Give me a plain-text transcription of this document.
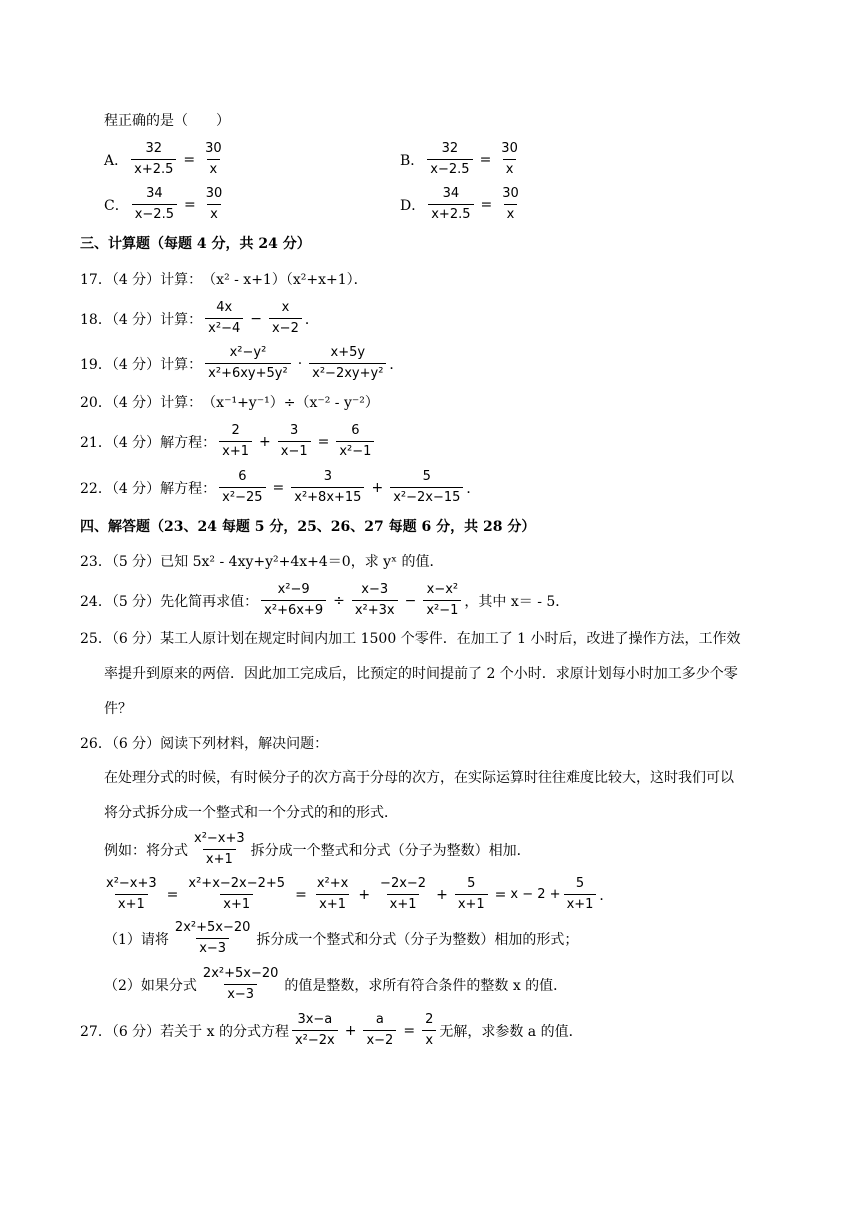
程正确的是（　　）
A． $\frac{32}{x+2.5} = \frac{30}{x}$	B． $\frac{32}{x-2.5} = \frac{30}{x}$
C． $\frac{34}{x-2.5} = \frac{30}{x}$	D． $\frac{34}{x+2.5} = \frac{30}{x}$
三、计算题（每题 4 分，共 24 分）
17．（4 分）计算： （x² - x+1）（x²+x+1）．
18．（4 分）计算： $\frac{4x}{\text{x²−4}} - \frac{x}{x-2}$ ．
19．（4 分）计算： $\frac{\text{x²−y²}}{\text{x²+6xy+5y²}} \cdot \frac{x+5y}{\text{x²−2xy+y²}}$ ．
20．（4 分）计算： （x⁻¹+y⁻¹）÷（x⁻² - y⁻²）
21．（4 分）解方程： $\frac{2}{x+1} + \frac{3}{x-1} = \frac{6}{\text{x²−1}}$
22．（4 分）解方程： $\frac{6}{\text{x²−25}} = \frac{3}{\text{x²+8x+15}} + \frac{5}{\text{x²−2x−15}}$ ．
四、解答题（23、24 每题 5 分，25、26、27 每题 6 分，共 28 分）
23．（5 分）已知 5x² - 4xy+y²+4x+4＝0，求 yˣ 的值．
24．（5 分）先化简再求值： $\frac{\text{x²−9}}{\text{x²+6x+9}} \div \frac{x-3}{\text{x²+3x}} - \frac{\text{x−x²}}{\text{x²−1}}$ ，其中 x＝ - 5．
25．（6 分）某工人原计划在规定时间内加工 1500 个零件．在加工了 1 小时后，改进了操作方法，工作效
率提升到原来的两倍．因此加工完成后，比预定的时间提前了 2 个小时．求原计划每小时加工多少个零
件？
26．（6 分）阅读下列材料，解决问题：
在处理分式的时候，有时候分子的次方高于分母的次方，在实际运算时往往难度比较大，这时我们可以
将分式拆分成一个整式和一个分式的和的形式．
例如：将分式 $\frac{\text{x²−x+3}}{x+1}$ 拆分成一个整式和分式（分子为整数）相加．
$\frac{\text{x²−x+3}}{x+1} = \frac{\text{x²+x−2x−2+5}}{x+1} = \frac{\text{x²+x}}{x+1} + \frac{-2x-2}{x+1} + \frac{5}{x+1} = x - 2 + \frac{5}{x+1}$ ．
（1）请将 $\frac{\text{2x²+5x−20}}{x-3}$ 拆分成一个整式和分式（分子为整数）相加的形式；
（2）如果分式 $\frac{\text{2x²+5x−20}}{x-3}$ 的值是整数，求所有符合条件的整数 x 的值．
27．（6 分）若关于 x 的分式方程 $\frac{3x-a}{\text{x²−2x}} + \frac{a}{x-2} = \frac{2}{x}$ 无解，求参数 a 的值．
